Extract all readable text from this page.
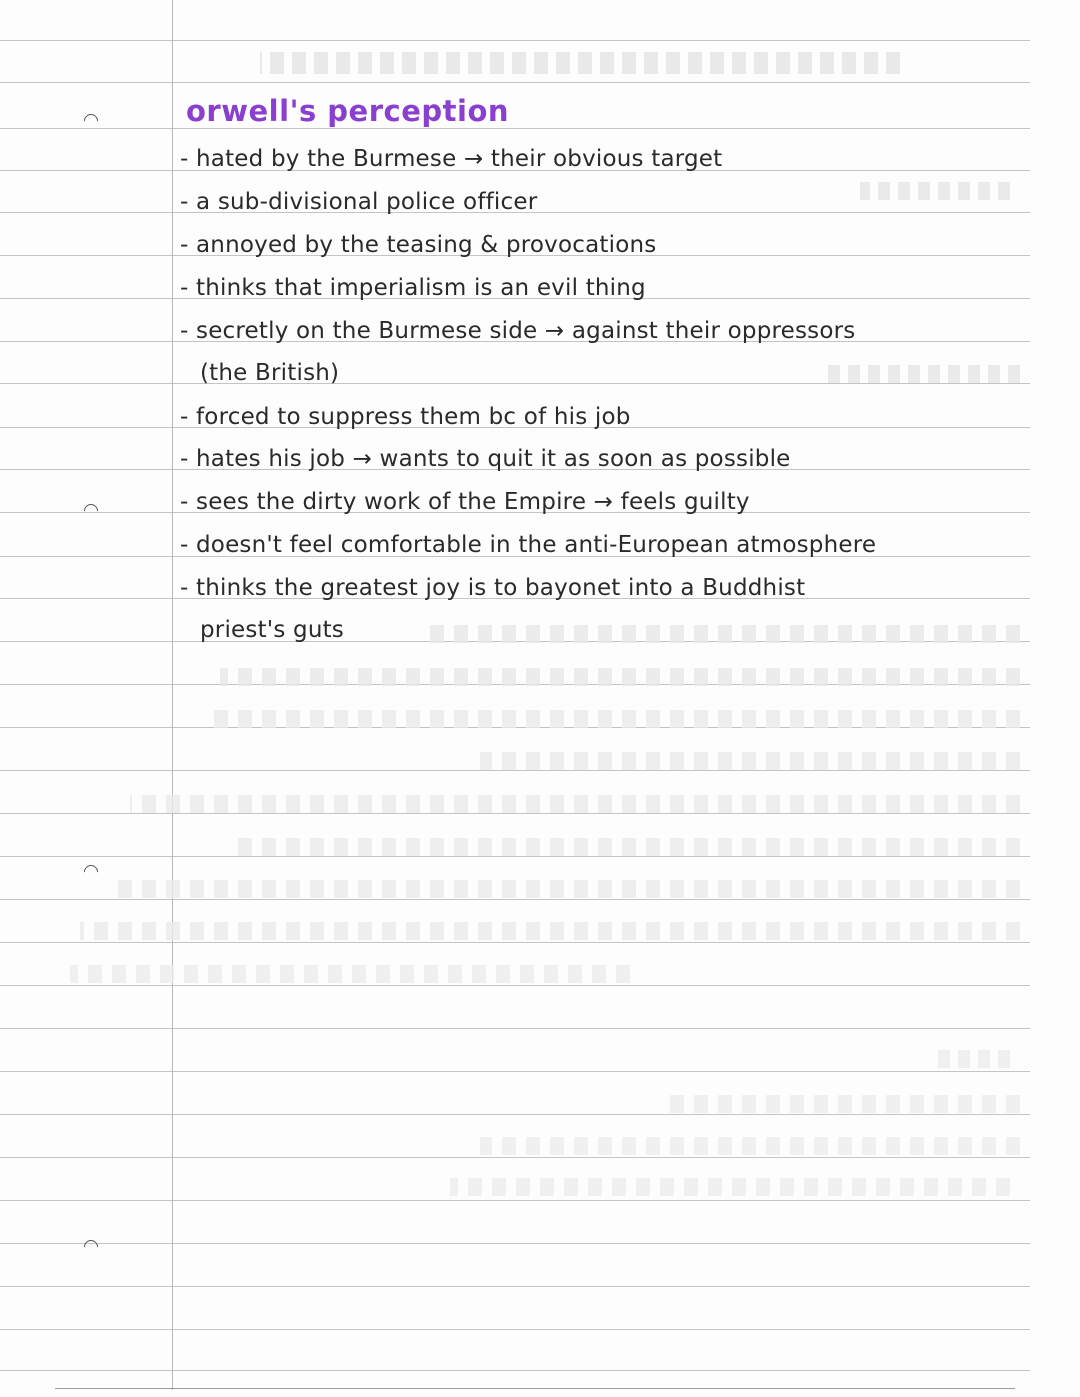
orwell's perception
- hated by the Burmese → their obvious target
- a sub-divisional police officer
- annoyed by the teasing & provocations
- thinks that imperialism is an evil thing
- secretly on the Burmese side → against their oppressors
(the British)
- forced to suppress them bc of his job
- hates his job → wants to quit it as soon as possible
- sees the dirty work of the Empire → feels guilty
- doesn't feel comfortable in the anti-European atmosphere
- thinks the greatest joy is to bayonet into a Buddhist
priest's guts
